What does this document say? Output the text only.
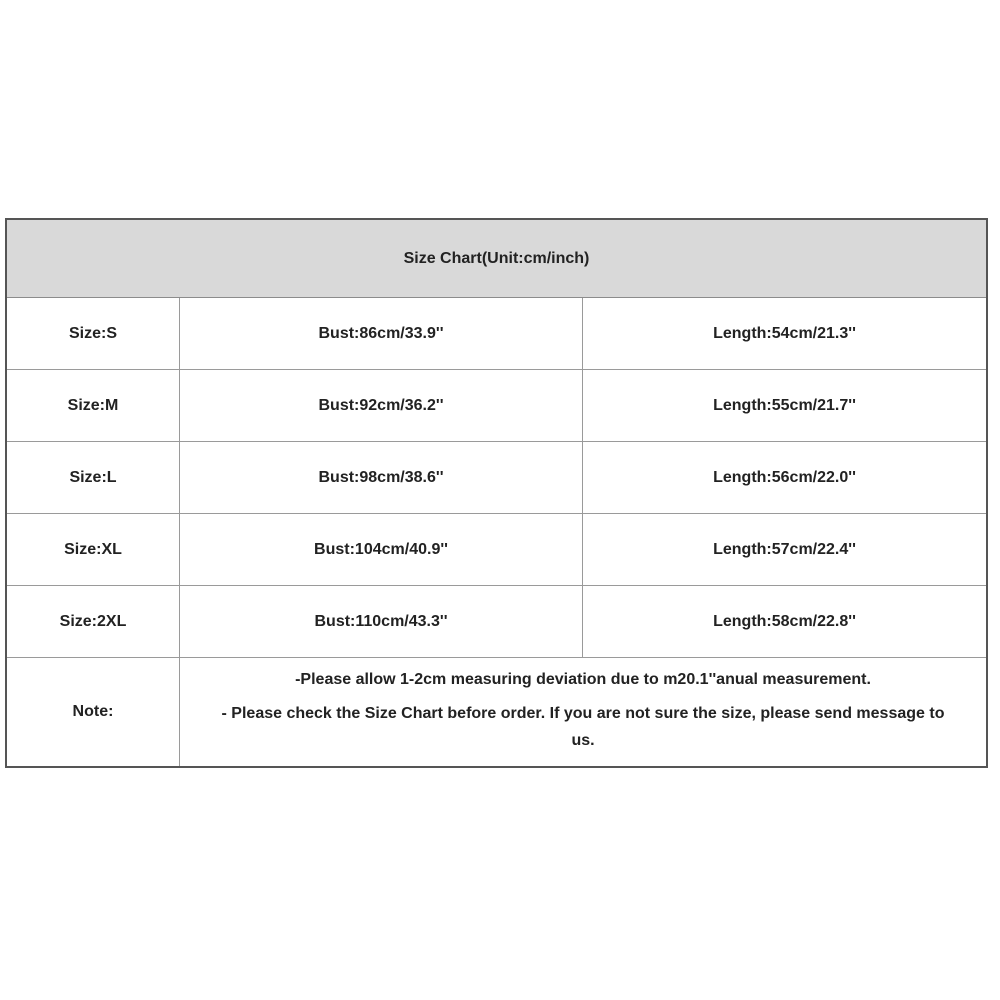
Size Chart(Unit:cm/inch)
Size:S	Bust:86cm/33.9''	Length:54cm/21.3''
Size:M	Bust:92cm/36.2''	Length:55cm/21.7''
Size:L	Bust:98cm/38.6''	Length:56cm/22.0''
Size:XL	Bust:104cm/40.9''	Length:57cm/22.4''
Size:2XL	Bust:110cm/43.3''	Length:58cm/22.8''
Note:
-Please allow 1-2cm measuring deviation due to m20.1''anual measurement.
- Please check the Size Chart before order. If you are not sure the size, please send message to us.
